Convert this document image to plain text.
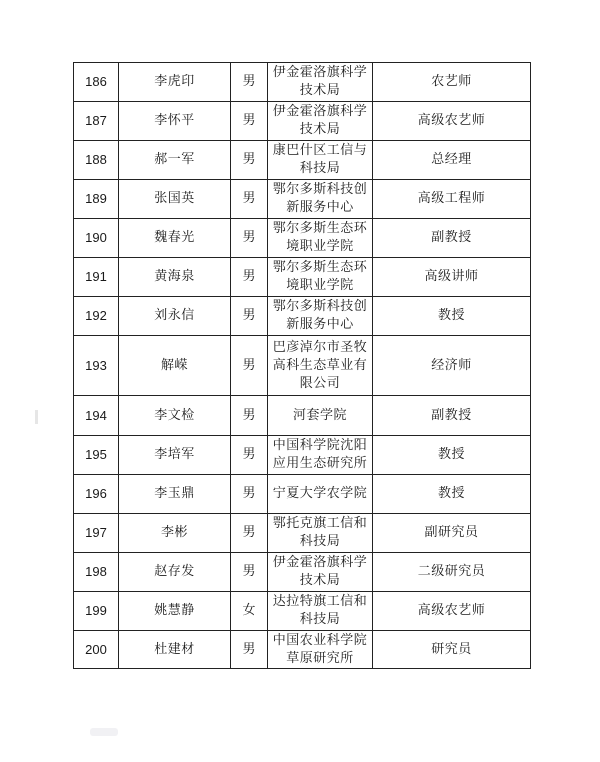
186	李虎印	男	伊金霍洛旗科学技术局	农艺师
187	李怀平	男	伊金霍洛旗科学技术局	高级农艺师
188	郝一军	男	康巴什区工信与科技局	总经理
189	张国英	男	鄂尔多斯科技创新服务中心	高级工程师
190	魏春光	男	鄂尔多斯生态环境职业学院	副教授
191	黄海泉	男	鄂尔多斯生态环境职业学院	高级讲师
192	刘永信	男	鄂尔多斯科技创新服务中心	教授
193	解嵘	男	巴彦淖尔市圣牧高科生态草业有限公司	经济师
194	李文检	男	河套学院	副教授
195	李培军	男	中国科学院沈阳应用生态研究所	教授
196	李玉鼎	男	宁夏大学农学院	教授
197	李彬	男	鄂托克旗工信和科技局	副研究员
198	赵存发	男	伊金霍洛旗科学技术局	二级研究员
199	姚慧静	女	达拉特旗工信和科技局	高级农艺师
200	杜建材	男	中国农业科学院草原研究所	研究员
